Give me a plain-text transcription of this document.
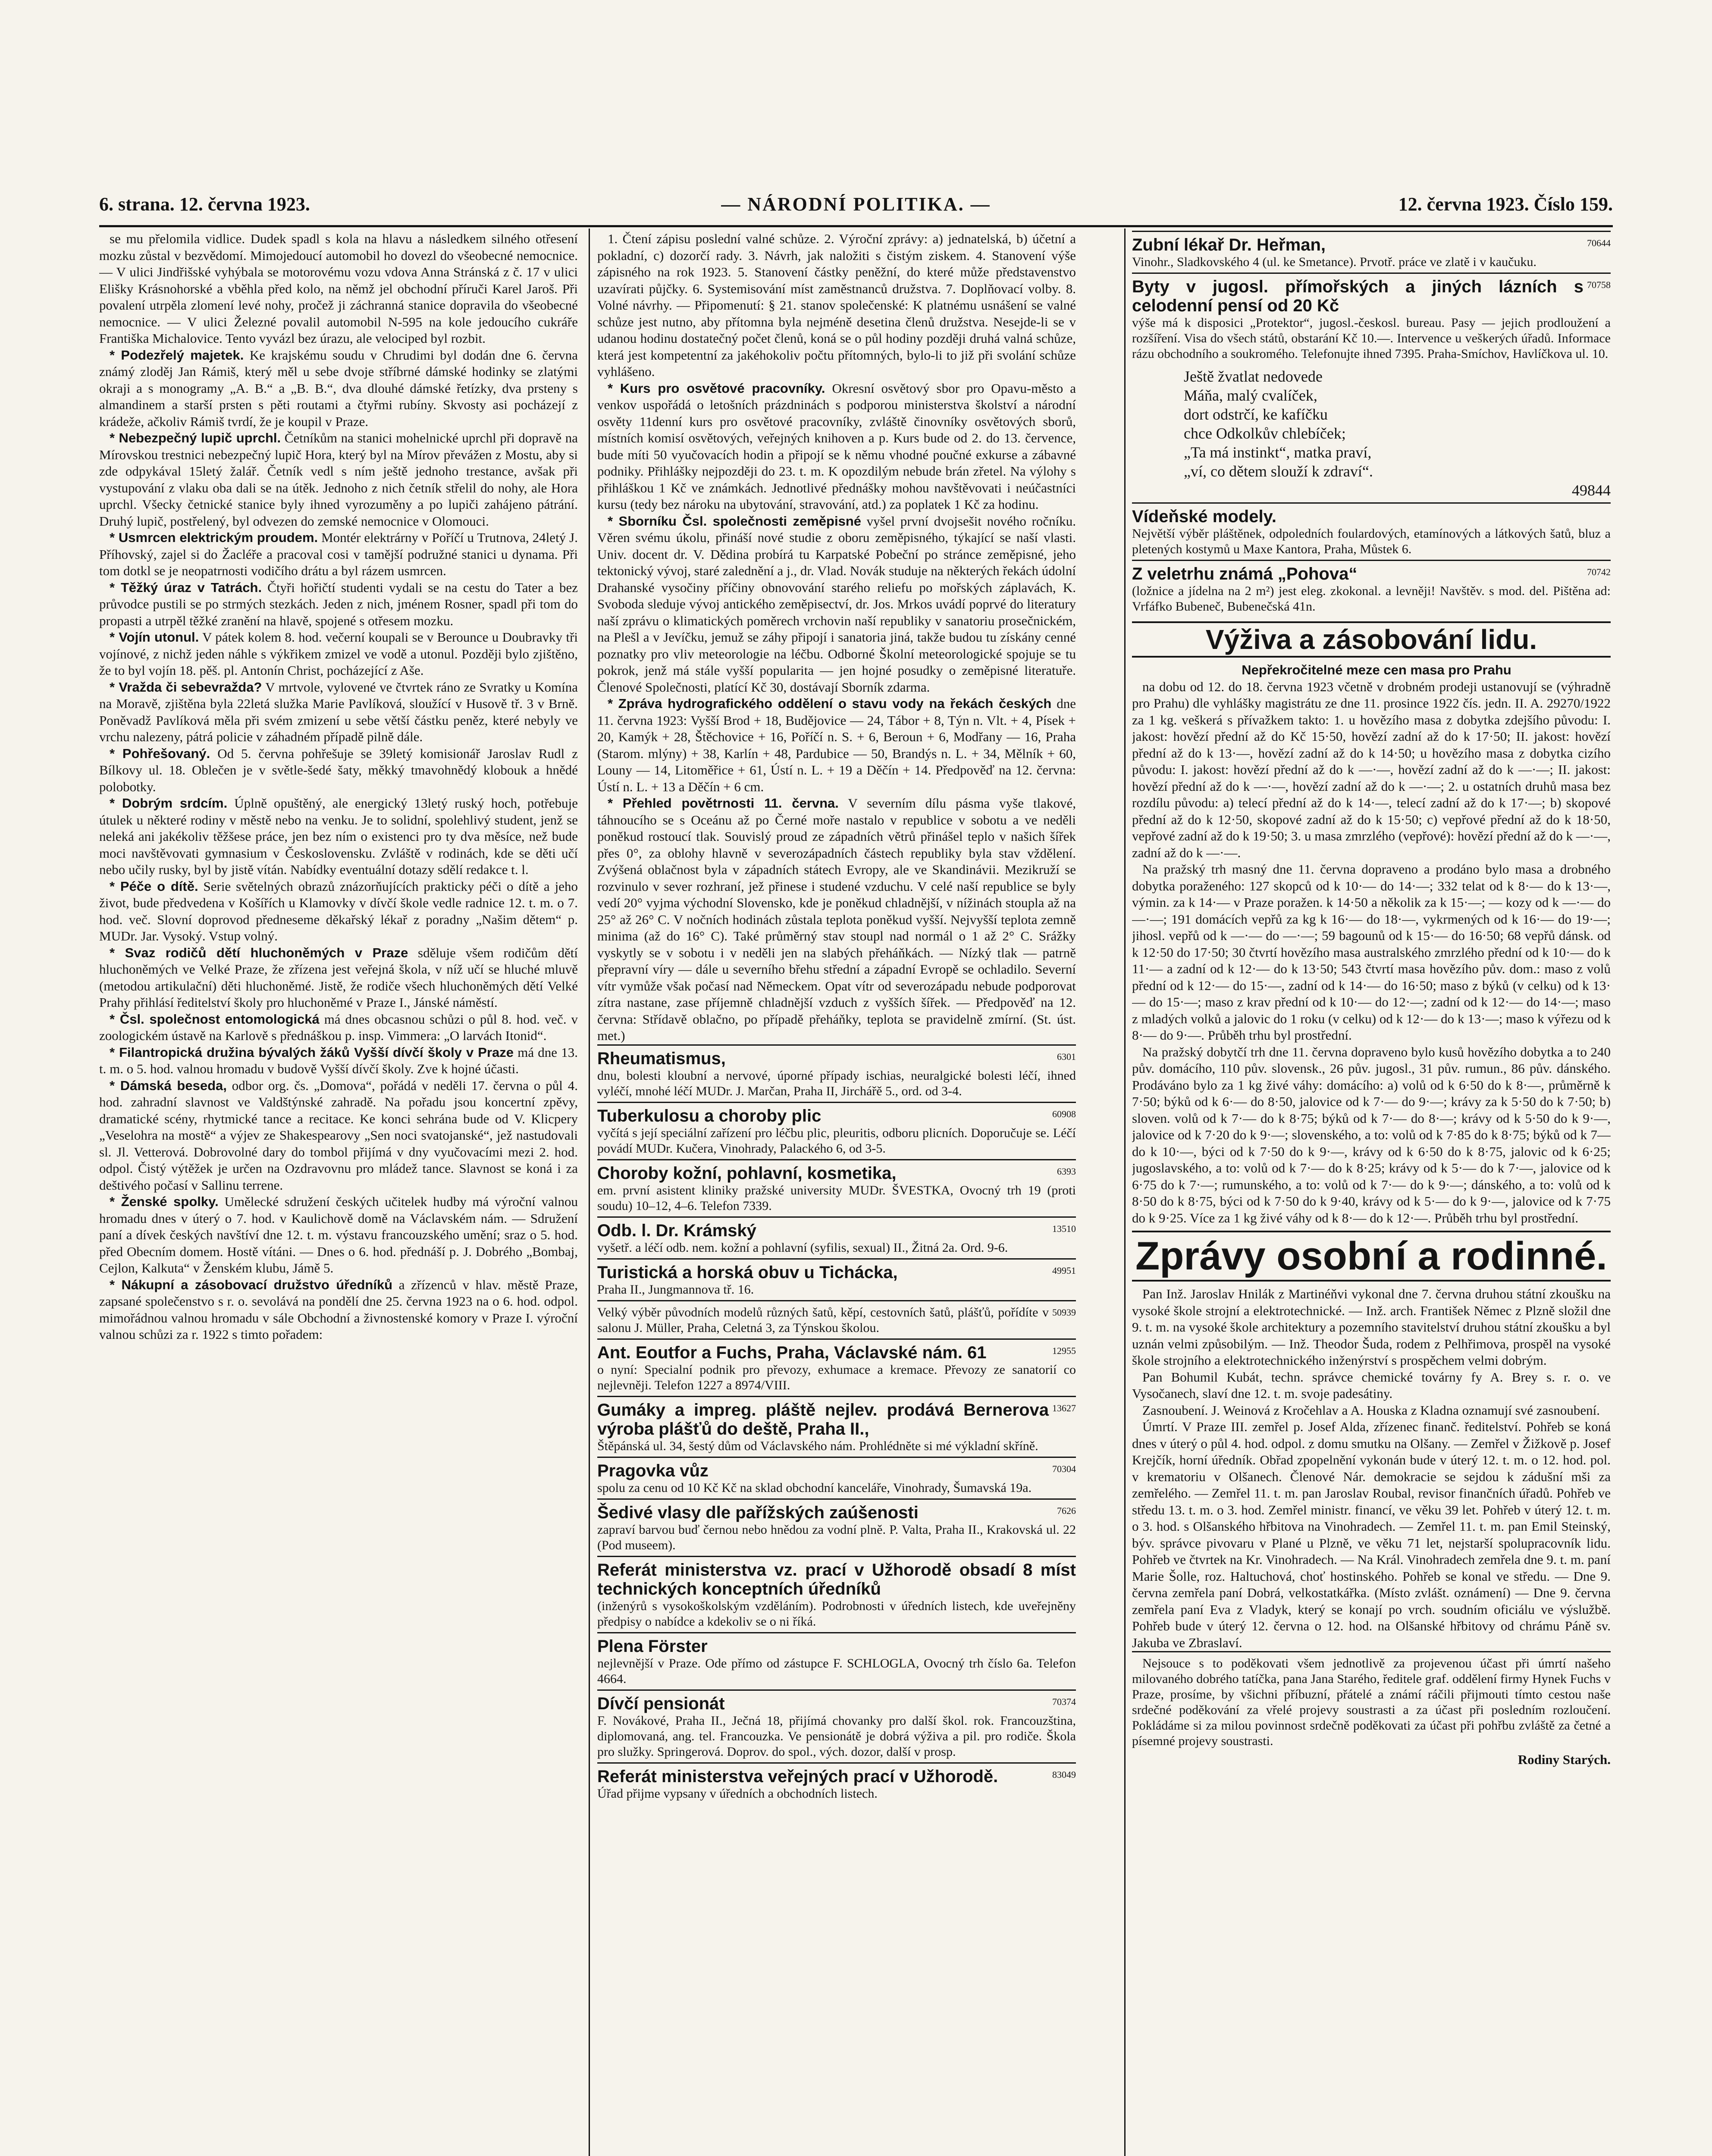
6. strana. 12. června 1923.	— NÁRODNÍ POLITIKA. —	12. června 1923. Číslo 159.

se mu přelomila vidlice. Dudek spadl s kola na hlavu a následkem silného otřesení mozku zůstal v bezvědomí. Mimojedoucí automobil ho dovezl do všeobecné nemocnice. — V ulici Jindřišské vyhýbala se motorovému vozu vdova Anna Stránská z č. 17 v ulici Elišky Krásnohorské a vběhla před kolo, na němž jel obchodní příruči Karel Jaroš. Při povalení utrpěla zlomení levé nohy, pročež ji záchranná stanice dopravila do všeobecné nemocnice. — V ulici Železné povalil automobil N-595 na kole jedoucího cukráře Františka Michalovice. Tento vyvázl bez úrazu, ale velociped byl rozbit.

* Podezřelý majetek. Ke krajskému soudu v Chrudimi byl dodán dne 6. června známý zloděj Jan Rámiš, který měl u sebe dvoje stříbrné dámské hodinky se zlatými okraji a s monogramy „A. B.“ a „B. B.“, dva dlouhé dámské řetízky, dva prsteny s almandinem a starší prsten s pěti routami a čtyřmi rubíny. Skvosty asi pocházejí z krádeže, ačkoliv Rámiš tvrdí, že je koupil v Praze.

* Nebezpečný lupič uprchl. Četníkům na stanici mohelnické uprchl při dopravě na Mírovskou trestnici nebezpečný lupič Hora, který byl na Mírov převážen z Mostu, aby si zde odpykával 15letý žalář. Četník vedl s ním ještě jednoho trestance, avšak při vystupování z vlaku oba dali se na útěk. Jednoho z nich četník střelil do nohy, ale Hora uprchl. Všecky četnické stanice byly ihned vyrozuměny a po lupiči zahájeno pátrání. Druhý lupič, postřelený, byl odvezen do zemské nemocnice v Olomouci.

* Usmrcen elektrickým proudem. Montér elektrárny v Poříčí u Trutnova, 24letý J. Příhovský, zajel si do Žacléře a pracoval cosi v tamější podružné stanici u dynama. Při tom dotkl se je neopatrnosti vodičího drátu a byl rázem usmrcen.

* Těžký úraz v Tatrách. Čtyři hořičtí studenti vydali se na cestu do Tater a bez průvodce pustili se po strmých stezkách. Jeden z nich, jménem Rosner, spadl při tom do propasti a utrpěl těžké zranění na hlavě, spojené s otřesem mozku.

* Vojín utonul. V pátek kolem 8. hod. večerní koupali se v Berounce u Doubravky tři vojínové, z nichž jeden náhle s výkřikem zmizel ve vodě a utonul. Později bylo zjištěno, že to byl vojín 18. pěš. pl. Antonín Christ, pocházející z Aše.

* Vražda či sebevražda? V mrtvole, vylovené ve čtvrtek ráno ze Svratky u Komína na Moravě, zjištěna byla 22letá služka Marie Pavlíková, sloužící v Husově tř. 3 v Brně. Poněvadž Pavlíková měla při svém zmizení u sebe větší částku peněz, které nebyly ve vrchu nalezeny, pátrá policie v záhadném případě pilně dále.

* Pohřešovaný. Od 5. června pohřešuje se 39letý komisionář Jaroslav Rudl z Bílkovy ul. 18. Oblečen je v světle-šedé šaty, měkký tmavohnědý klobouk a hnědé polobotky.

* Dobrým srdcím. Úplně opuštěný, ale energický 13letý ruský hoch, potřebuje útulek u některé rodiny v městě nebo na venku. Je to solidní, spolehlivý student, jenž se neleká ani jakékoliv těžšese práce, jen bez ním o existenci pro ty dva měsíce, než bude moci navštěvovati gymnasium v Československu. Zvláště v rodinách, kde se děti učí nebo učily rusky, byl by jistě vítán. Nabídky eventuální dotazy sdělí redakce t. l.

* Péče o dítě. Serie světelných obrazů znázorňujících prakticky péči o dítě a jeho život, bude předvedena v Košířích u Klamovky v dívčí škole vedle radnice 12. t. m. o 7. hod. več. Slovní doprovod předneseme děkařský lékař z poradny „Našim dětem“ p. MUDr. Jar. Vysoký. Vstup volný.

* Svaz rodičů dětí hluchoněmých v Praze sděluje všem rodičům dětí hluchoněmých ve Velké Praze, že zřízena jest veřejná škola, v níž učí se hluché mluvě (metodou artikulační) děti hluchoněmé. Jistě, že rodiče všech hluchoněmých dětí Velké Prahy přihlásí ředitelství školy pro hluchoněmé v Praze I., Jánské náměstí.

* Čsl. společnost entomologická má dnes obcasnou schůzi o půl 8. hod. več. v zoologickém ústavě na Karlově s přednáškou p. insp. Vimmera: „O larvách Itonid“.

* Filantropická družina bývalých žáků Vyšší dívčí školy v Praze má dne 13. t. m. o 5. hod. valnou hromadu v budově Vyšší dívčí školy. Zve k hojné účasti.

* Dámská beseda, odbor org. čs. „Domova“, pořádá v neděli 17. června o půl 4. hod. zahradní slavnost ve Valdštýnské zahradě. Na pořadu jsou koncertní zpěvy, dramatické scény, rhytmické tance a recitace. Ke konci sehrána bude od V. Klicpery „Veselohra na mostě“ a výjev ze Shakespearovy „Sen noci svatojanské“, jež nastudovali sl. Jl. Vetterová. Dobrovolné dary do tombol přijímá v dny vyučovacími mezi 2. hod. odpol. Čistý výtěžek je určen na Ozdravovnu pro mládež tance. Slavnost se koná i za deštivého počasí v Sallinu terrene.

* Ženské spolky. Umělecké sdružení českých učitelek hudby má výroční valnou hromadu dnes v úterý o 7. hod. v Kaulichově domě na Václavském nám. — Sdružení paní a dívek českých navštíví dne 12. t. m. výstavu francouzského umění; sraz o 5. hod. před Obecním domem. Hostě vítáni. — Dnes o 6. hod. přednáší p. J. Dobrého „Bombaj, Cejlon, Kalkuta“ v Ženském klubu, Jámě 5.

* Nákupní a zásobovací družstvo úředníků a zřízenců v hlav. městě Praze, zapsané společenstvo s r. o. sevolává na pondělí dne 25. června 1923 na o 6. hod. odpol. mimořádnou valnou hromadu v sále Obchodní a živnostenské komory v Praze I. výroční valnou schůzi za r. 1922 s timto pořadem:

1. Čtení zápisu poslední valné schůze. 2. Výroční zprávy: a) jednatelská, b) účetní a pokladní, c) dozorčí rady. 3. Návrh, jak naložiti s čistým ziskem. 4. Stanovení výše zápisného na rok 1923. 5. Stanovení částky peněžní, do které může představenstvo uzavírati půjčky. 6. Systemisování míst zaměstnanců družstva. 7. Doplňovací volby. 8. Volné návrhy. — Připomenutí: § 21. stanov společenské: K platnému usnášení se valné schůze jest nutno, aby přítomna byla nejméně desetina členů družstva. Nesejde-li se v udanou hodinu dostatečný počet členů, koná se o půl hodiny později druhá valná schůze, která jest kompetentní za jakéhokoliv počtu přítomných, bylo-li to již při svolání schůze vyhlášeno.

* Kurs pro osvětové pracovníky. Okresní osvětový sbor pro Opavu-město a venkov uspořádá o letošních prázdninách s podporou ministerstva školství a národní osvěty 11denní kurs pro osvětové pracovníky, zvláště činovníky osvětových sborů, místních komisí osvětových, veřejných knihoven a p. Kurs bude od 2. do 13. července, bude míti 50 vyučovacích hodin a připojí se k němu vhodné poučné exkurse a zábavné podniky. Přihlášky nejpozději do 23. t. m. K opozdilým nebude brán zřetel. Na výlohy s přihláškou 1 Kč ve známkách. Jednotlivé přednášky mohou navštěvovati i neúčastníci kursu (tedy bez nároku na ubytování, stravování, atd.) za poplatek 1 Kč za hodinu.

* Sborníku Čsl. společnosti zeměpisné vyšel první dvojsešit nového ročníku. Věren svému úkolu, přináší nové studie z oboru zeměpisného, týkající se naší vlasti. Univ. docent dr. V. Dědina probírá tu Karpatské Pobeční po stránce zeměpisné, jeho tektonický vývoj, staré zalednění a j., dr. Vlad. Novák studuje na některých řekách údolní Drahanské vysočiny příčiny obnovování starého reliefu po mořských záplavách, K. Svoboda sleduje vývoj antického zeměpisectví, dr. Jos. Mrkos uvádí poprvé do literatury naší zprávu o klimatických poměrech vrchovin naší republiky v sanatoriu prosečnickém, na Plešl a v Jevíčku, jemuž se záhy připojí i sanatoria jiná, takže budou tu získány cenné poznatky pro vliv meteorologie na léčbu. Odborné Školní meteorologické spojuje se tu pokrok, jenž má stále vyšší popularita — jen hojné posudky o zeměpisné literatuře. Členové Společnosti, platící Kč 30, dostávají Sborník zdarma.

* Zpráva hydrografického oddělení o stavu vody na řekách českých dne 11. června 1923: Vyšší Brod + 18, Budějovice — 24, Tábor + 8, Týn n. Vlt. + 4, Písek + 20, Kamýk + 28, Štěchovice + 16, Poříčí n. S. + 6, Beroun + 6, Modřany — 16, Praha (Starom. mlýny) + 38, Karlín + 48, Pardubice — 50, Brandýs n. L. + 34, Mělník + 60, Louny — 14, Litoměřice + 61, Ústí n. L. + 19 a Děčín + 14. Předpověď na 12. června: Ústí n. L. + 13 a Děčín + 6 cm.

* Přehled povětrnosti 11. června. V severním dílu pásma vyše tlakové, táhnoucího se s Oceánu až po Černé moře nastalo v republice v sobotu a ve neděli poněkud rostoucí tlak. Souvislý proud ze západních větrů přinášel teplo v našich šířek přes 0°, za oblohy hlavně v severozápadních částech republiky byla stav vždělení. Zvýšená oblačnost byla v západních státech Evropy, ale ve Skandinávii. Mezikruží se rozvinulo v sever rozhraní, jež přinese i studené vzduchu. V celé naší republice se byly vedí 20° vyjma východní Slovensko, kde je poněkud chladnější, v nížinách stoupla až na 25° až 26° C. V nočních hodinách zůstala teplota poněkud vyšší. Nejvyšší teplota zemně minima (až do 16° C). Také průměrný stav stoupl nad normál o 1 až 2° C. Srážky vyskytly se v sobotu i v neděli jen na slabých přeháňkách. — Nízký tlak — patrně přepravní víry — dále u severního břehu střední a západní Evropě se ochladilo. Severní vítr vymůže však počasí nad Německem. Opat vítr od severozápadu nebude podporovat zítra nastane, zase příjemně chladnější vzduch z vyšších šířek. — Předpověď na 12. června: Střídavě oblačno, po případě přeháňky, teplota se pravidelně zmírní. (St. úst. met.)

6301
Rheumatismus,
dnu, bolesti kloubní a nervové, úporné případy ischias, neuralgické bolesti léčí, ihned vyléčí, mnohé léčí MUDr. J. Marčan, Praha II, Jirchářě 5., ord. od 3-4.
60908
Tuberkulosu a choroby plic
vyčítá s její speciální zařízení pro léčbu plic, pleuritis, odboru plicních. Doporučuje se. Léčí povádí MUDr. Kučera, Vinohrady, Palackého 6, od 3-5.
6393
Choroby kožní, pohlavní, kosmetika,
em. první asistent kliniky pražské university MUDr. ŠVESTKA, Ovocný trh 19 (proti soudu) 10–12, 4–6. Telefon 7339.
13510
Odb. l. Dr. Krámský
vyšetř. a léčí odb. nem. kožní a pohlavní (syfilis, sexual) II., Žitná 2a. Ord. 9-6.
49951
Turistická a horská obuv u Tichácka,
Praha II., Jungmannova tř. 16.
50939
Velký výběr původních modelů různých šatů, kěpí, cestovních šatů, plášťů, pořídíte v salonu J. Müller, Praha, Celetná 3, za Týnskou školou.
12955
Ant. Eoutfor a Fuchs, Praha, Václavské nám. 61
o nyní: Specialní podnik pro převozy, exhumace a kremace. Převozy ze sanatorií co nejlevněji. Telefon 1227 a 8974/VIII.
13627
Gumáky a impreg. pláště nejlev. prodává Bernerova výroba plášťů do deště, Praha II.,
Štěpánská ul. 34, šestý dům od Václavského nám. Prohlédněte si mé výkladní skříně.
70304
Pragovka vůz
spolu za cenu od 10 Kč Kč na sklad obchodní kanceláře, Vinohrady, Šumavská 19a.
7626
Šedivé vlasy dle pařížských zaúšenosti
zapraví barvou buď černou nebo hnědou za vodní plně. P. Valta, Praha II., Krakovská ul. 22 (Pod museem).
Referát ministerstva vz. prací v Užhorodě obsadí 8 míst technických konceptních úředníků
(inženýrů s vysokoškolským vzděláním). Podrobnosti v úředních listech, kde uveřejněny předpisy o nabídce a kdekoliv se o ni říká.
Plena Förster
nejlevnější v Praze. Ode přímo od zástupce F. SCHLOGLA, Ovocný trh číslo 6a. Telefon 4664.
70374
Dívčí pensionát
F. Novákové, Praha II., Ječná 18, přijímá chovanky pro další škol. rok. Francouzština, diplomovaná, ang. tel. Francouzka. Ve pensionátě je dobrá výživa a pil. pro rodiče. Škola pro služky. Springerová. Doprov. do spol., vých. dozor, další v prosp.
83049
Referát ministerstva veřejných prací v Užhorodě.
Úřad přijme vypsany v úředních a obchodních listech.
70644
Zubní lékař Dr. Heřman,
Vinohr., Sladkovského 4 (ul. ke Smetance). Prvotř. práce ve zlatě i v kaučuku.
70758
Byty v jugosl. přímořských a jiných lázních s celodenní pensí od 20 Kč
výše má k disposici „Protektor“, jugosl.-českosl. bureau. Pasy — jejich prodloužení a rozšíření. Visa do všech států, obstarání Kč 10.—. Intervence u veškerých úřadů. Informace rázu obchodního a soukromého. Telefonujte ihned 7395. Praha-Smíchov, Havlíčkova ul. 10.
Ještě žvatlat nedovede
Máňa, malý cvalíček,
dort odstrčí, ke kafíčku
chce Odkolkův chlebíček;
„Ta má instinkt“, matka praví,
„ví, co dětem slouží k zdraví“.
49844
Vídeňské modely.
Největší výběr pláštěnek, odpoledních foulardových, etamínových a látkových šatů, bluz a pletených kostymů u Maxe Kantora, Praha, Můstek 6.
70742
Z veletrhu známá „Pohova“
(ložnice a jídelna na 2 m²) jest eleg. zkokonal. a levněji! Navštěv. s mod. del. Pištěna ad: Vrfáfko Bubeneč, Bubenečská 41n.
Výživa a zásobování lidu.

Nepřekročitelné meze cen masa pro Prahu

na dobu od 12. do 18. června 1923 včetně v drobném prodeji ustanovují se (výhradně pro Prahu) dle vyhlášky magistrátu ze dne 11. prosince 1922 čís. jedn. II. A. 29270/1922 za 1 kg. veškerá s přívažkem takto: 1. u hovězího masa z dobytka zdejšího původu: I. jakost: hovězí přední až do Kč 15·50, hovězí zadní až do k 17·50; II. jakost: hovězí přední až do k 13·—, hovězí zadní až do k 14·50; u hovězího masa z dobytka cizího původu: I. jakost: hovězí přední až do k —·—, hovězí zadní až do k —·—; II. jakost: hovězí přední až do k —·—, hovězí zadní až do k —·—; 2. u ostatních druhů masa bez rozdílu původu: a) telecí přední až do k 14·—, telecí zadní až do k 17·—; b) skopové přední až do k 12·50, skopové zadní až do k 15·50; c) vepřové přední až do k 18·50, vepřové zadní až do k 19·50; 3. u masa zmrzlého (vepřové): hovězí přední až do k —·—, zadní až do k —·—.

Na pražský trh masný dne 11. června dopraveno a prodáno bylo masa a drobného dobytka poraženého: 127 skopců od k 10·— do 14·—; 332 telat od k 8·— do k 13·—, výmin. za k 14·— v Praze poražen. k 14·50 a několik za k 15·—; — kozy od k —·— do —·—; 191 domácích vepřů za kg k 16·— do 18·—, vykrmených od k 16·— do 19·—; jihosl. vepřů od k —·— do —·—; 59 bagounů od k 15·— do 16·50; 68 vepřů dánsk. od k 12·50 do 17·50; 30 čtvrtí hovězího masa australského zmrzlého přední od k 10·— do k 11·— a zadní od k 12·— do k 13·50; 543 čtvrtí masa hovězího pův. dom.: maso z volů přední od k 12·— do 15·—, zadní od k 14·— do 16·50; maso z býků (v celku) od k 13·— do 15·—; maso z krav přední od k 10·— do 12·—; zadní od k 12·— do 14·—; maso z mladých volků a jalovic do 1 roku (v celku) od k 12·— do k 13·—; maso k výřezu od k 8·— do 9·—. Průběh trhu byl prostřední.

Na pražský dobytčí trh dne 11. června dopraveno bylo kusů hovězího dobytka a to 240 pův. domácího, 110 pův. slovensk., 26 pův. jugosl., 31 pův. rumun., 86 pův. dánského. Prodáváno bylo za 1 kg živé váhy: domácího: a) volů od k 6·50 do k 8·—, průměrně k 7·50; býků od k 6·— do 8·50, jalovice od k 7·— do 9·—; krávy za k 5·50 do k 7·50; b) sloven. volů od k 7·— do k 8·75; býků od k 7·— do 8·—; krávy od k 5·50 do k 9·—, jalovice od k 7·20 do k 9·—; slovenského, a to: volů od k 7·85 do k 8·75; býků od k 7— do k 10·—, býci od k 7·50 do k 9·—, krávy od k 6·50 do k 8·75, jalovic od k 6·25; jugoslavského, a to: volů od k 7·— do k 8·25; krávy od k 5·— do k 7·—, jalovice od k 6·75 do k 7·—; rumunského, a to: volů od k 7·— do k 9·—; dánského, a to: volů od k 8·50 do k 8·75, býci od k 7·50 do k 9·40, krávy od k 5·— do k 9·—, jalovice od k 7·75 do k 9·25. Více za 1 kg živé váhy od k 8·— do k 12·—. Průběh trhu byl prostřední.

Zprávy osobní a rodinné.

Pan Inž. Jaroslav Hnilák z Martinéňvi vykonal dne 7. června druhou státní zkoušku na vysoké škole strojní a elektrotechnické. — Inž. arch. František Němec z Plzně složil dne 9. t. m. na vysoké škole architektury a pozemního stavitelství druhou státní zkoušku a byl uznán velmi způsobilým. — Inž. Theodor Šuda, rodem z Pelhřimova, prospěl na vysoké škole strojního a elektrotechnického inženýrství s prospěchem velmi dobrým.

Pan Bohumil Kubát, techn. správce chemické továrny fy A. Brey s. r. o. ve Vysočanech, slaví dne 12. t. m. svoje padesátiny.

Zasnoubení. J. Weinová z Kročehlav a A. Houska z Kladna oznamují své zasnoubení.

Úmrtí. V Praze III. zemřel p. Josef Alda, zřízenec finanč. ředitelství. Pohřeb se koná dnes v úterý o půl 4. hod. odpol. z domu smutku na Olšany. — Zemřel v Žižkově p. Josef Krejčík, horní úředník. Obřad zpopelnění vykonán bude v úterý 12. t. m. o 12. hod. pol. v krematoriu v Olšanech. Členové Nár. demokracie se sejdou k zádušní mši za zemřelého. — Zemřel 11. t. m. pan Jaroslav Roubal, revisor finančních úřadů. Pohřeb ve středu 13. t. m. o 3. hod. Zemřel ministr. financí, ve věku 39 let. Pohřeb v úterý 12. t. m. o 3. hod. s Olšanského hřbitova na Vinohradech. — Zemřel 11. t. m. pan Emil Steinský, býv. správce pivovaru v Plané u Plzně, ve věku 71 let, nejstarší spolupracovník lidu. Pohřeb ve čtvrtek na Kr. Vinohradech. — Na Král. Vinohradech zemřela dne 9. t. m. paní Marie Šolle, roz. Haltuchová, choť hostinského. Pohřeb se konal ve středu. — Dne 9. června zemřela paní Dobrá, velkostatkářka. (Místo zvlášt. oznámení) — Dne 9. června zemřela paní Eva z Vladyk, který se konají po vrch. soudním oficiálu ve výslužbě. Pohřeb bude v úterý 12. června o 12. hod. na Olšanské hřbitovy od chrámu Páně sv. Jakuba ve Zbraslaví.

Nejsouce s to poděkovati všem jednotlivě za projevenou účast při úmrtí našeho milovaného dobrého tatíčka, pana Jana Starého, ředitele graf. oddělení firmy Hynek Fuchs v Praze, prosíme, by všichni příbuzní, přátelé a známí ráčili přijmouti tímto cestou naše srdečné poděkování za vřelé projevy soustrasti a za účast při posledním rozloučení. Pokládáme si za milou povinnost srdečně poděkovati za účast při pohřbu zvláště za četné a písemné projevy soustrasti.

Rodiny Starých.
